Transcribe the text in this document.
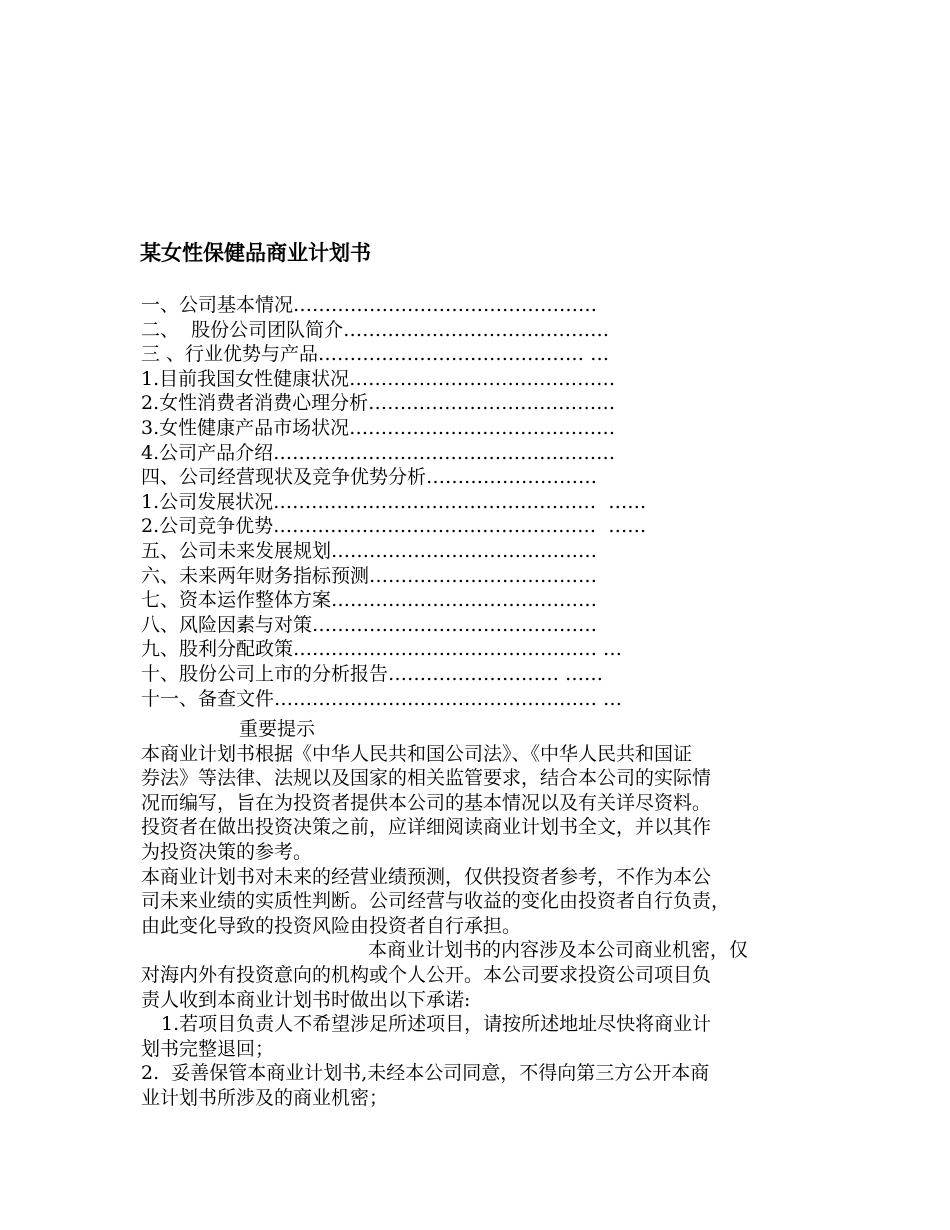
某女性保健品商业计划书
一、公司基本情况…………………………………………
二、  股份公司团队简介……………………………………
三 、行业优势与产品…………………………………… …
1.目前我国女性健康状况……………………………………
2.女性消费者消费心理分析…………………………………
3.女性健康产品市场状况……………………………………
4.公司产品介绍………………………………………………
四、公司经营现状及竞争优势分析………………………
1.公司发展状况……………………………………………  ……
2.公司竞争优势……………………………………………  ……
五、公司未来发展规划……………………………………
六、未来两年财务指标预测………………………………
七、资本运作整体方案……………………………………
八、风险因素与对策………………………………………
九、股利分配政策………………………………………… …
十、股份公司上市的分析报告……………………… ……
十一、备查文件…………………………………………… …
重要提示
本商业计划书根据《中华人民共和国公司法》、《中华人民共和国证
券法》等法律、法规以及国家的相关监管要求，结合本公司的实际情
况而编写，旨在为投资者提供本公司的基本情况以及有关详尽资料。
投资者在做出投资决策之前，应详细阅读商业计划书全文，并以其作
为投资决策的参考。
本商业计划书对未来的经营业绩预测，仅供投资者参考，不作为本公
司未来业绩的实质性判断。公司经营与收益的变化由投资者自行负责，
由此变化导致的投资风险由投资者自行承担。
本商业计划书的内容涉及本公司商业机密，仅
对海内外有投资意向的机构或个人公开。本公司要求投资公司项目负
责人收到本商业计划书时做出以下承诺:
1.若项目负责人不希望涉足所述项目，请按所述地址尽快将商业计
划书完整退回；
2.  妥善保管本商业计划书,未经本公司同意，不得向第三方公开本商
业计划书所涉及的商业机密；
